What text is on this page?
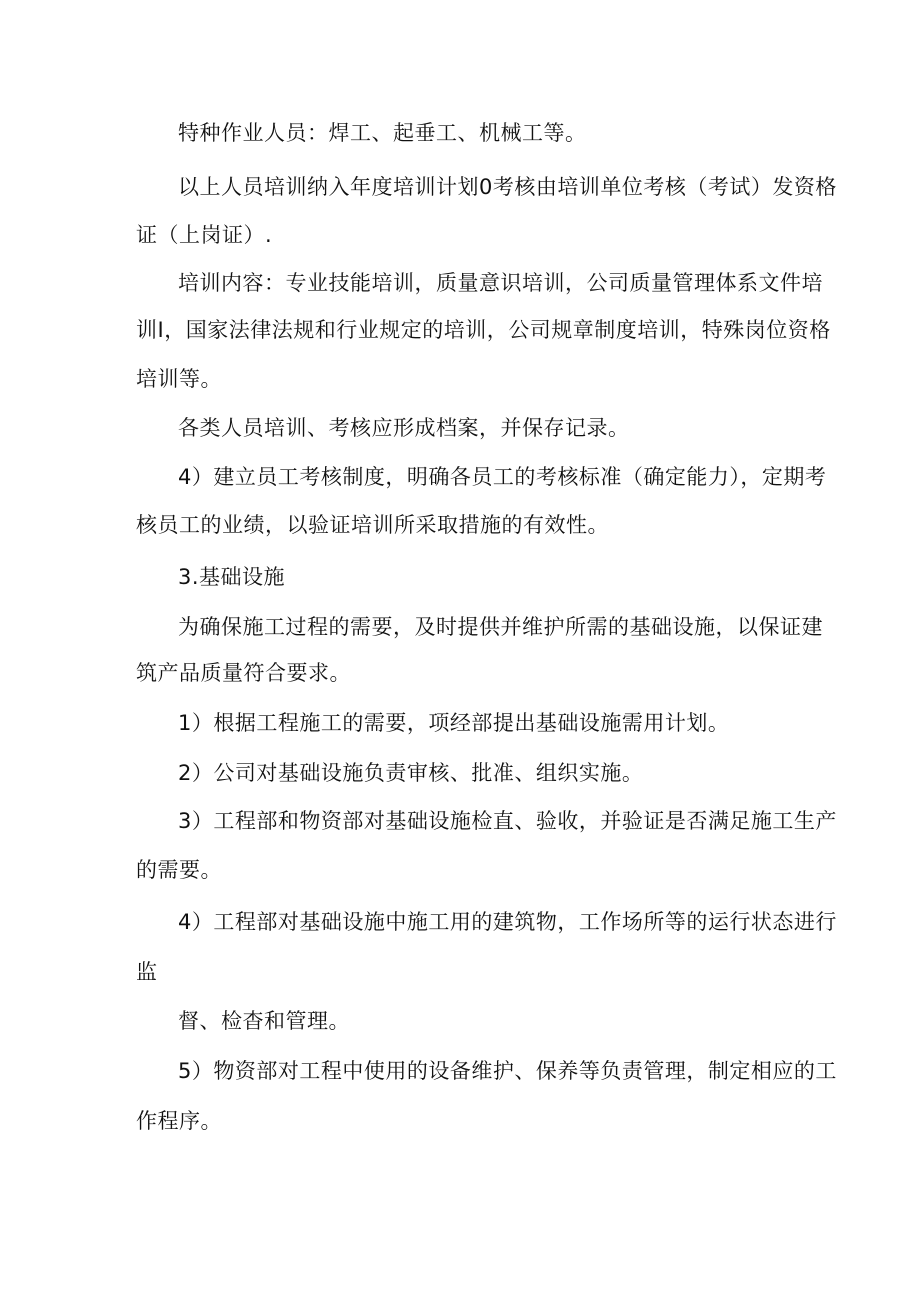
特种作业人员：焊工、起垂工、机械工等。
以上人员培训纳入年度培训计划0考核由培训单位考核（考试）发资格
证（上岗证）.
培训内容：专业技能培训，质量意识培训，公司质量管理体系文件培
训I，国家法律法规和行业规定的培训，公司规章制度培训，特殊岗位资格
培训等。
各类人员培训、考核应形成档案，并保存记录。
4）建立员工考核制度，明确各员工的考核标准（确定能力），定期考
核员工的业绩，以验证培训所采取措施的有效性。
3.基础设施
为确保施工过程的需要，及时提供并维护所需的基础设施，以保证建
筑产品质量符合要求。
1）根据工程施工的需要，项经部提出基础设施需用计划。
2）公司对基础设施负责审核、批准、组织实施。
3）工程部和物资部对基础设施检直、验收，并验证是否满足施工生产
的需要。
4）工程部对基础设施中施工用的建筑物，工作场所等的运行状态进行
监
督、检杳和管理。
5）物资部对工程中使用的设备维护、保养等负责管理，制定相应的工
作程序。
